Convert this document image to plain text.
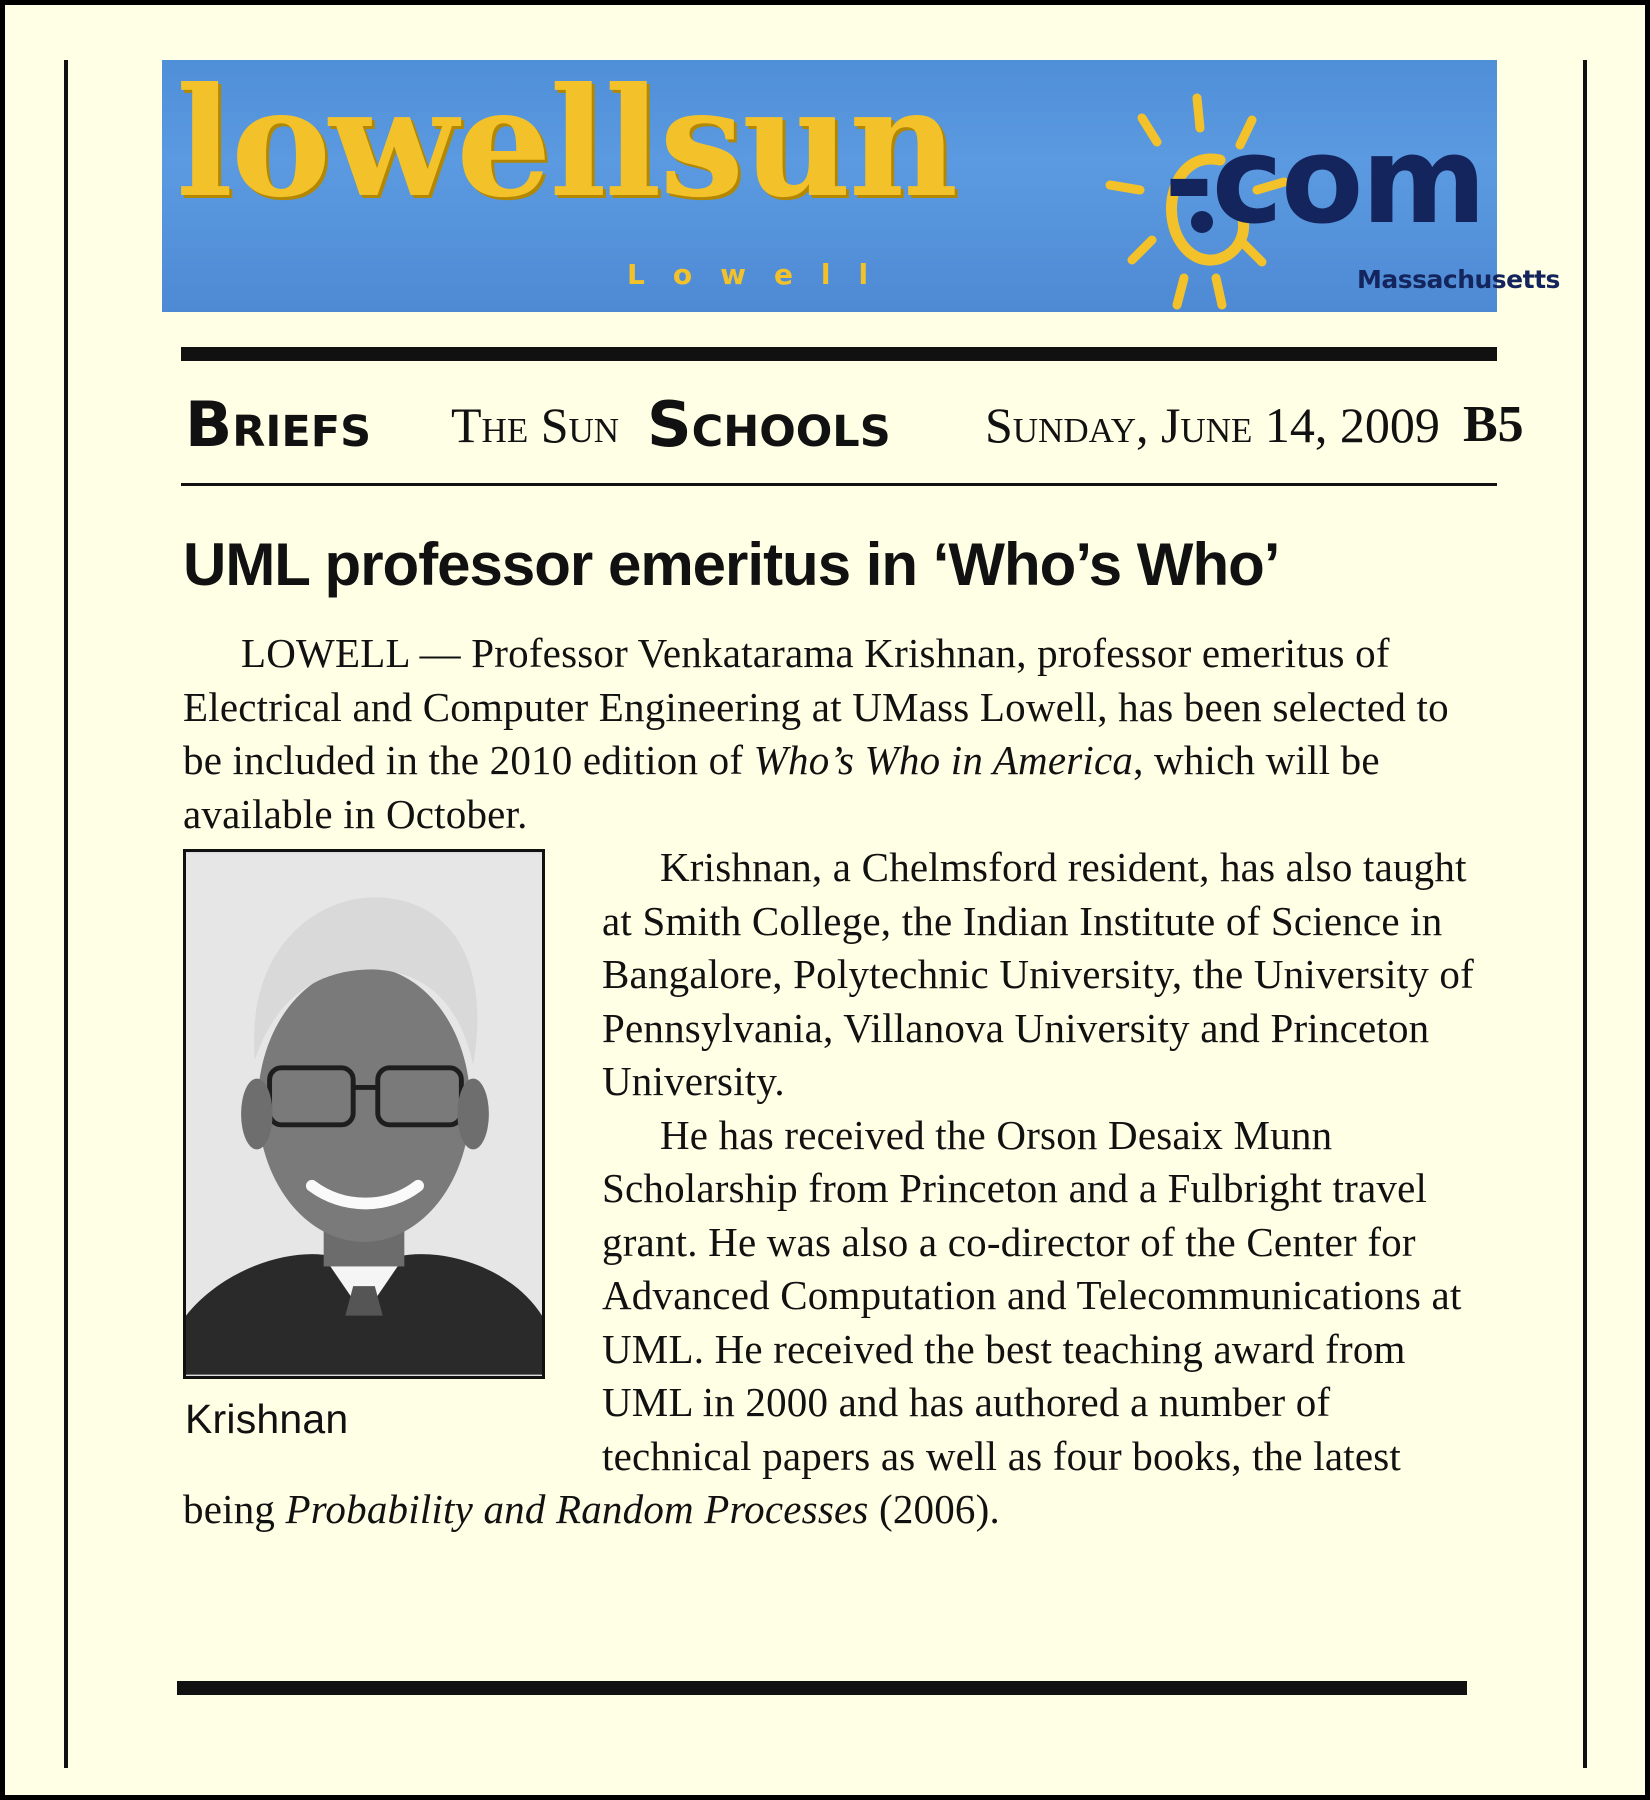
lowellsun -com
Lowell	Massachusetts
Briefs The Sun Schools Sunday, June 14, 2009 B5
UML professor emeritus in ‘Who’s Who’

LOWELL — Professor Venkatarama Krishnan, professor emeritus of Electrical and Computer Engineering at UMass Lowell, has been selected to be included in the 2010 edition of Who’s Who in America, which will be available in October.

Krishnan

Krishnan, a Chelmsford resident, has also taught at Smith College, the Indian Institute of Science in Bangalore, Polytechnic University, the University of Pennsylvania, Villanova University and Princeton University.

He has received the Orson Desaix Munn Scholarship from Princeton and a Fulbright travel grant. He was also a co-director of the Center for Advanced Computation and Telecommunications at UML. He received the best teaching award from UML in 2000 and has authored a number of technical papers as well as four books, the latest being Probability and Random Processes (2006).
